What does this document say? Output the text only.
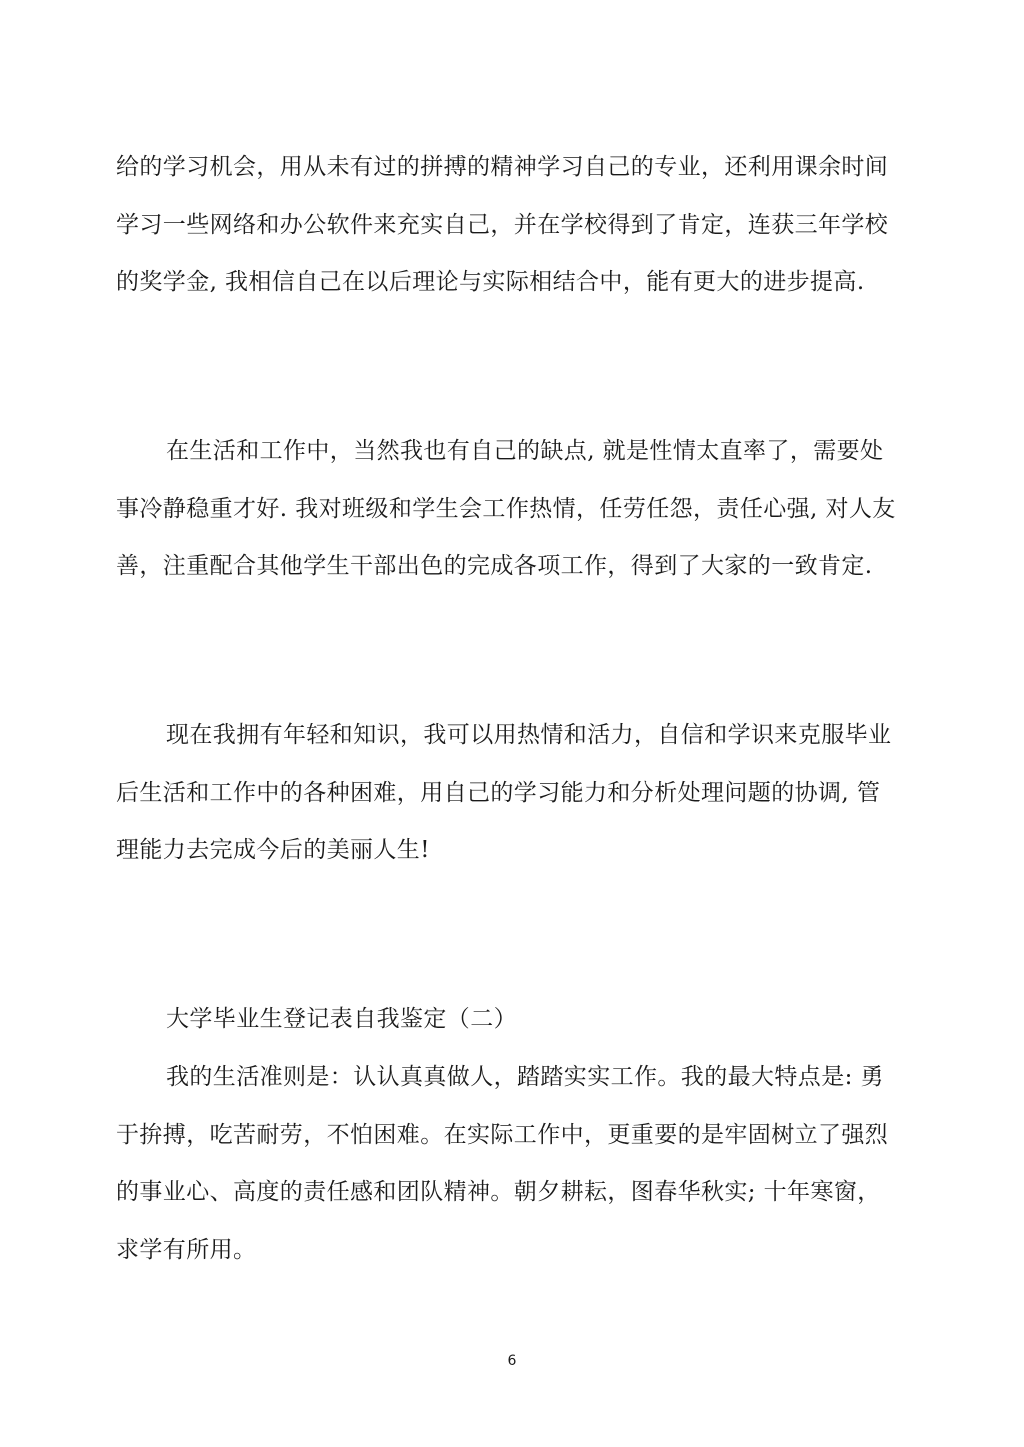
给的学习机会，用从未有过的拼搏的精神学习自己的专业，还利用课余时间
学习一些网络和办公软件来充实自己，并在学校得到了肯定，连获三年学校
的奖学金, 我相信自己在以后理论与实际相结合中，能有更大的进步提高.
在生活和工作中，当然我也有自己的缺点, 就是性情太直率了，需要处
事冷静稳重才好. 我对班级和学生会工作热情，任劳任怨，责任心强, 对人友
善，注重配合其他学生干部出色的完成各项工作，得到了大家的一致肯定.
现在我拥有年轻和知识，我可以用热情和活力，自信和学识来克服毕业
后生活和工作中的各种困难，用自己的学习能力和分析处理问题的协调, 管
理能力去完成今后的美丽人生!
大学毕业生登记表自我鉴定（二）
我的生活准则是：认认真真做人，踏踏实实工作。我的最大特点是: 勇
于拚搏，吃苦耐劳，不怕困难。在实际工作中，更重要的是牢固树立了强烈
的事业心、高度的责任感和团队精神。朝夕耕耘，图春华秋实; 十年寒窗，
求学有所用。
6
